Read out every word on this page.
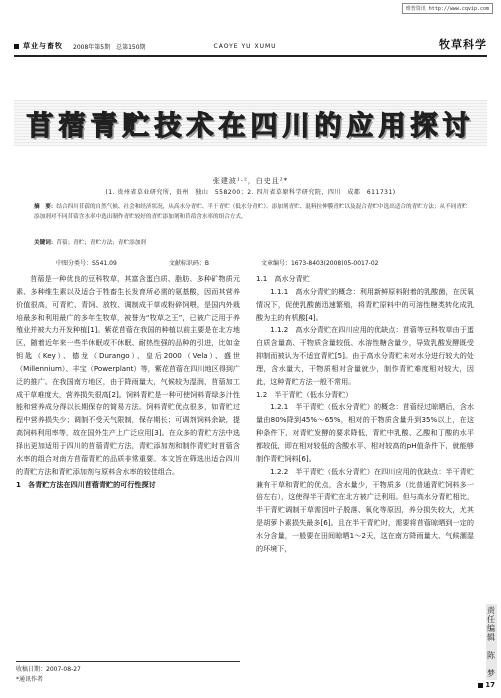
维普资讯 http://www.cqvip.com
草业与畜牧 2008年第5期　总第150期	CAOYE YU XUMU	牧草科学
苜蓿青贮技术在四川的应用探讨
张建波¹·²，白史且²*
(1. 贵州省草业研究所，贵州　独山　558200；2. 四川省草原科学研究院，四川　成都　611731)
摘　要：结合四川苜蓿的自然气候、社会和经济状况，从高水分青贮、半干青贮（低水分青贮）、添加剂青贮、混料拉伸膜青贮以及混合青贮中选出适合的青贮方法；从不同青贮添加剂对不同苜蓿含水率中选出制作青贮较好的青贮添加剂和苜蓿含水率的组合方式。
关键词：苜蓿；青贮；青贮方法；青贮添加剂
中图分类号：S541.09	文献标识码：B	文章编号：1673-8403(2008)05-0017-02

苜蓿是一种优良的豆科牧草，其富含蛋白质、脂肪、多种矿物质元素、多种维生素以及适合于牲畜生长发育所必需的氨基酸，因而其营养价值很高，可青贮、青饲、放牧、调制成干草或粉碎饲喂，是国内外栽培最多和利用最广的多年生牧草，被誉为“牧草之王”，已被广泛用于养殖业并被大力开发种植[1]。紫花苜蓿在我国的种植以前主要是在北方地区，随着近年来一些半休眠或不休眠、耐热性强的品种的引进，比如金钥匙（Key）、德龙（Durango）、皇后2000（Vela）、盛世（Millennium）、丰宝（Powerplant）等，紫花苜蓿在四川地区得到广泛的推广。在我国南方地区，由于降雨量大，气候较为湿润，苜蓿加工成干草难度大，营养损失很高[2]。饲料青贮是一种可使饲料青绿多汁性能和营养成分得以长期保存的简易方法。饲料青贮优点很多，如青贮过程中营养损失少；调制不受天气限制，保存期长；可调剂饲料余缺，提高饲料利用率等，故在国外生产上广泛应用[3]。在众多的青贮方法中选择出更加适用于四川的苜蓿青贮方法，青贮添加剂和制作青贮时苜蓿含水率的组合对南方苜蓿青贮的品质非常重要。本文旨在筛选出适合四川的青贮方法和青贮添加剂与原料含水率的较佳组合。

1　各青贮方法在四川苜蓿青贮的可行性探讨

收稿日期：2007-08-27
*通讯作者

1.1　高水分青贮

1.1.1　高水分青贮的概念：利用新鲜原料附着的乳酸菌，在厌氧情况下，促使乳酸菌迅速繁殖，将青贮原料中的可溶性糖类转化成乳酸为主的有机酸[4]。

1.1.2　高水分青贮在四川应用的优缺点：苜蓿等豆科牧草由于蛋白质含量高、干物质含量较低、水溶性糖含量少，导致乳酸发酵既受抑制而被认为不适宜青贮[5]。由于高水分青贮未对水分进行较大的处理，含水量大，干物质相对含量就少，制作青贮难度相对较大，因此，这种青贮方法一般不常用。

1.2　半干青贮（低水分青贮）

1.2.1　半干青贮（低水分青贮）的概念：苜蓿经过晾晒后，含水量由80%降到45%～65%，相对的干物质含量升到35%以上，在这种条件下，对青贮发酵的要求降低，青贮中乳酸、乙酸和丁酸的水平都较低，即在相对较低的含酸水平、相对较高的pH值条件下，就能够制作青贮饲料[6]。

1.2.2　半干青贮（低水分青贮）在四川应用的优缺点：半干青贮兼有干草和青贮的优点，含水量少，干物质多（比普通青贮饲料多一倍左右），这使得半干青贮在北方被广泛利用。但与高水分青贮相比，半干青贮调制干草需因叶子脱落、氧化等原因，养分损失较大，尤其是胡萝卜素损失最多[6]。且在半干青贮时，需要将苜蓿晾晒到一定的水分含量，一般要在田间晾晒1～2天，这在南方降雨量大、气候潮湿的环境下，

责任编辑　陈　梦
17
